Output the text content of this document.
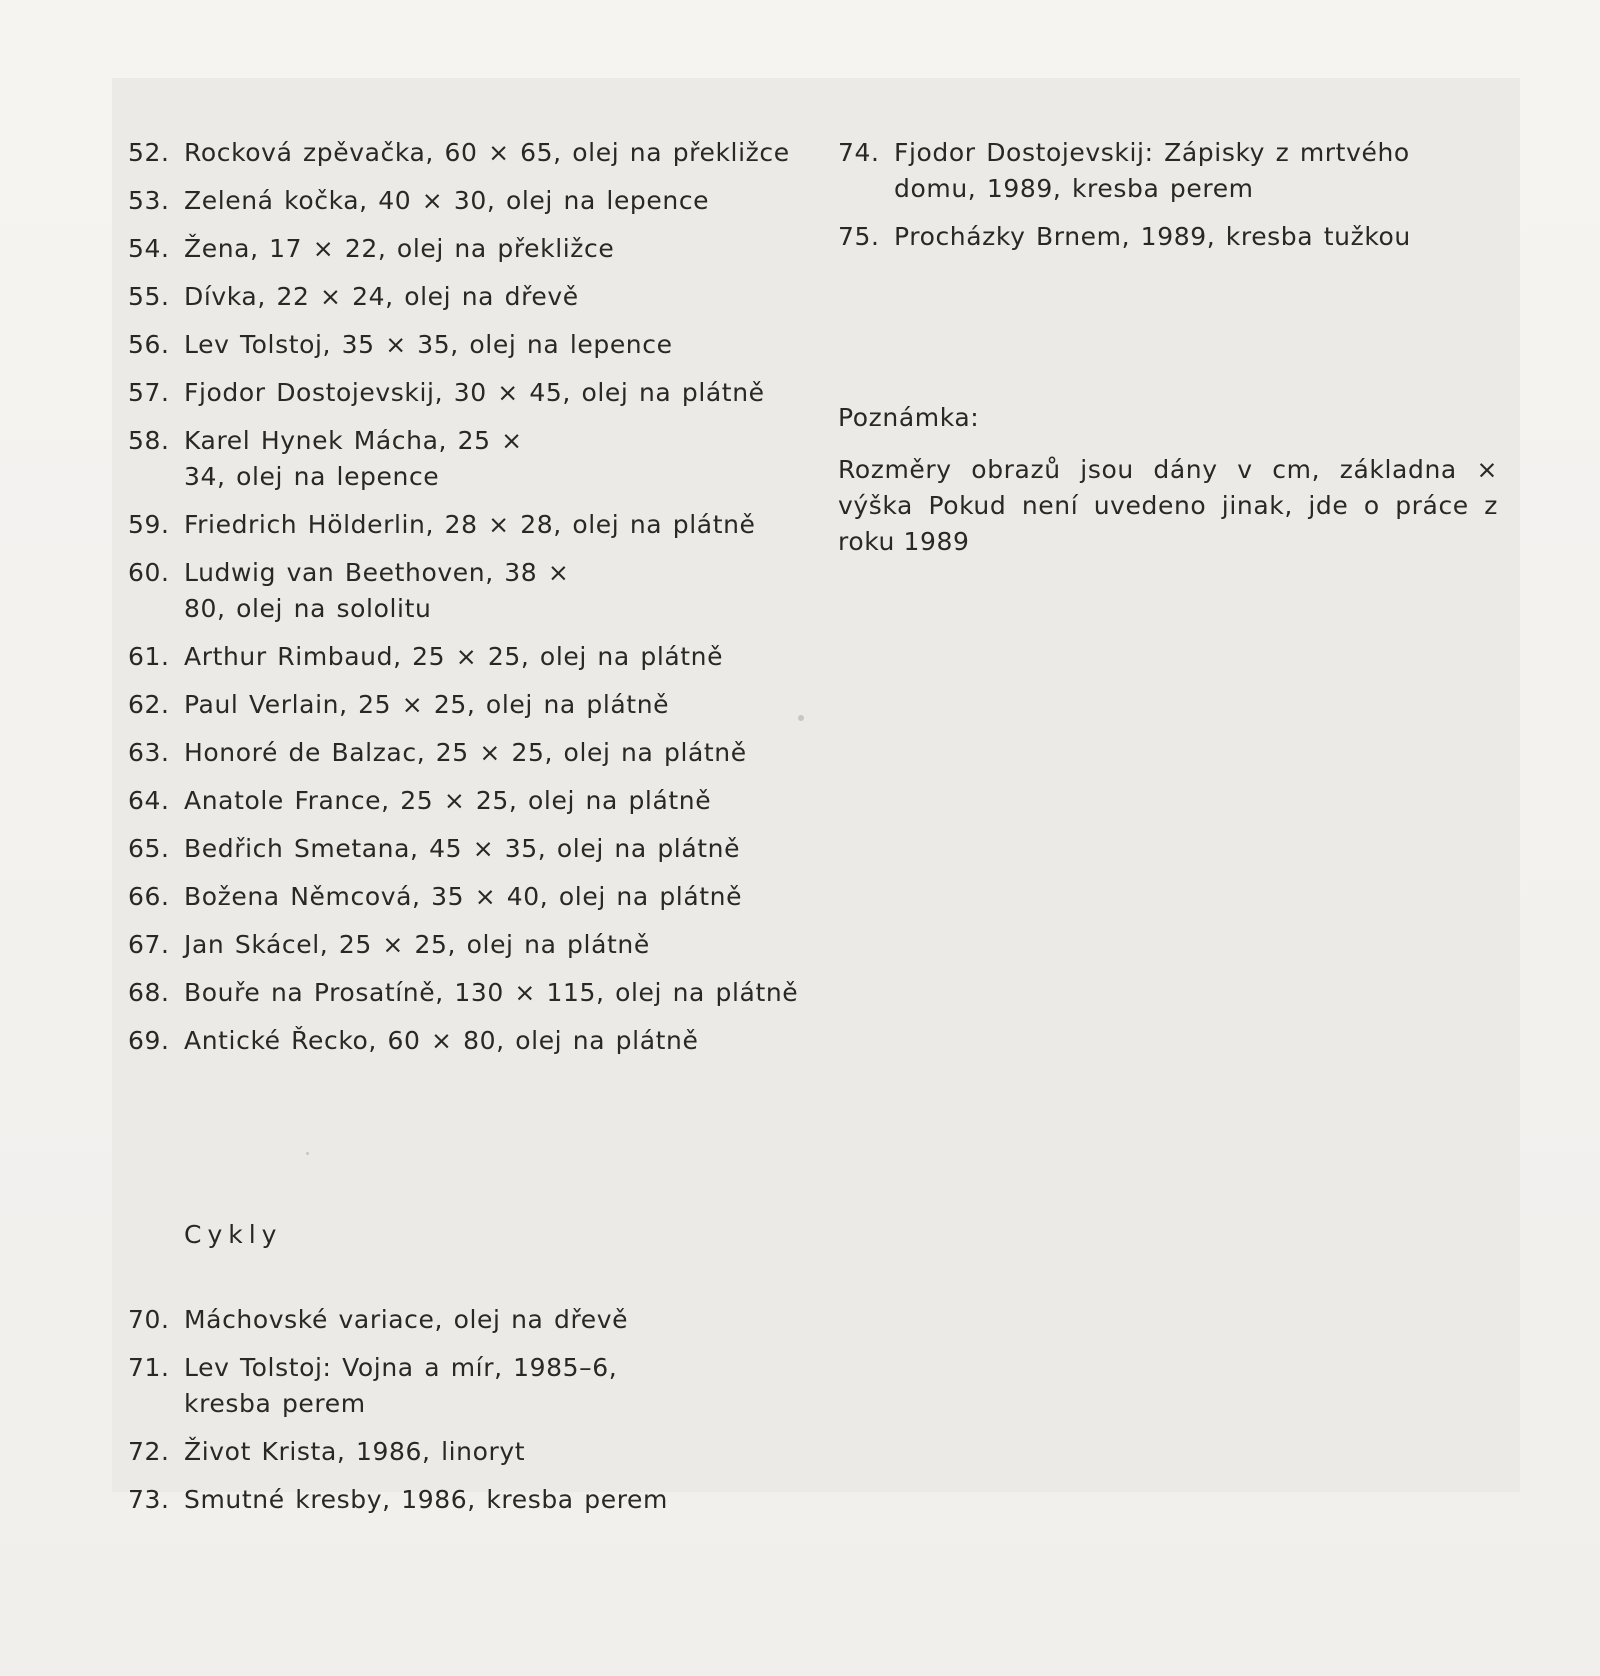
52. Rocková zpěvačka, 60 × 65, olej na překližce
53. Zelená kočka, 40 × 30, olej na lepence
54. Žena, 17 × 22, olej na překližce
55. Dívka, 22 × 24, olej na dřevě
56. Lev Tolstoj, 35 × 35, olej na lepence
57. Fjodor Dostojevskij, 30 × 45, olej na plátně
58. Karel Hynek Mácha, 25 × 34, olej na lepence
59. Friedrich Hölderlin, 28 × 28, olej na plátně
60. Ludwig van Beethoven, 38 × 80, olej na sololitu
61. Arthur Rimbaud, 25 × 25, olej na plátně
62. Paul Verlain, 25 × 25, olej na plátně
63. Honoré de Balzac, 25 × 25, olej na plátně
64. Anatole France, 25 × 25, olej na plátně
65. Bedřich Smetana, 45 × 35, olej na plátně
66. Božena Němcová, 35 × 40, olej na plátně
67. Jan Skácel, 25 × 25, olej na plátně
68. Bouře na Prosatíně, 130 × 115, olej na plátně
69. Antické Řecko, 60 × 80, olej na plátně
Cykly
70. Máchovské variace, olej na dřevě
71. Lev Tolstoj: Vojna a mír, 1985–6, kresba perem
72. Život Krista, 1986, linoryt
73. Smutné kresby, 1986, kresba perem
74. Fjodor Dostojevskij: Zápisky z mrtvého domu, 1989, kresba perem
75. Procházky Brnem, 1989, kresba tužkou
Poznámka:
Rozměry obrazů jsou dány v cm, základna × výška Pokud není uvedeno jinak, jde o práce z roku 1989
